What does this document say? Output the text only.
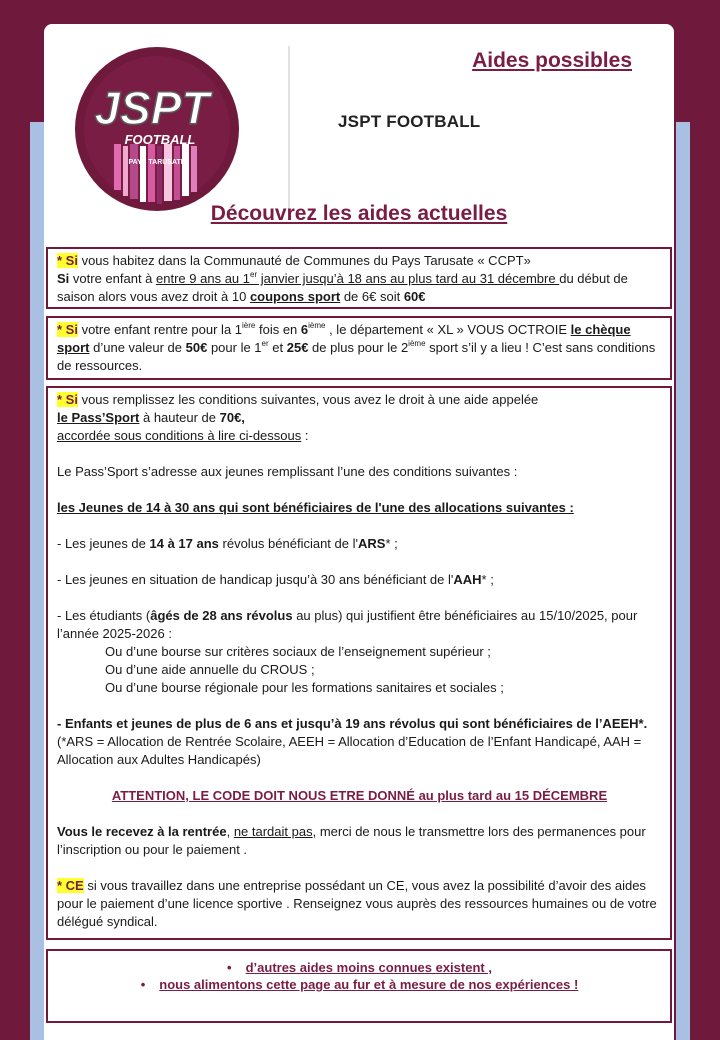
JSPT
FOOTBALL
PAYS TARUSATE
JSPT FOOTBALL
Aides possibles
Découvrez les aides actuelles

* Si vous habitez dans la Communauté de Communes du Pays Tarusate « CCPT»

Si votre enfant à entre 9 ans au 1er janvier jusqu’à 18 ans au plus tard au 31 décembre du début de saison alors vous avez droit à 10 coupons sport de 6€ soit 60€

* Si votre enfant rentre pour la $1^{ière}$ fois en 6ième , le département « XL » VOUS OCTROIE le chèque sport d’une valeur de 50€ pour le 1er et 25€ de plus pour le 2ième sport s’il y a lieu ! C’est sans conditions de ressources.

* Si vous remplissez les conditions suivantes, vous avez le droit à une aide appelée

le Pass’Sport à hauteur de 70€,

accordée sous conditions à lire ci-dessous :

Le Pass’Sport s’adresse aux jeunes remplissant l’une des conditions suivantes :

les Jeunes de 14 à 30 ans qui sont bénéficiaires de l'une des allocations suivantes :

- Les jeunes de 14 à 17 ans révolus bénéficiant de l'ARS* ;

- Les jeunes en situation de handicap jusqu’à 30 ans bénéficiant de l'AAH* ;

- Les étudiants (âgés de 28 ans révolus au plus) qui justifient être bénéficiaires au 15/10/2025, pour l’année 2025-2026 :

Ou d’une bourse sur critères sociaux de l’enseignement supérieur ;

Ou d’une aide annuelle du CROUS ;

Ou d’une bourse régionale pour les formations sanitaires et sociales ;

- Enfants et jeunes de plus de 6 ans et jusqu’à 19 ans révolus qui sont bénéficiaires de l’AEEH*.

(*ARS = Allocation de Rentrée Scolaire, AEEH = Allocation d’Education de l’Enfant Handicapé, AAH = Allocation aux Adultes Handicapés)

ATTENTION, LE CODE DOIT NOUS ETRE DONNÉ au plus tard au 15 DÉCEMBRE

Vous le recevez à la rentrée, ne tardait pas, merci de nous le transmettre lors des permanences pour l’inscription ou pour le paiement .

* CE si vous travaillez dans une entreprise possédant un CE, vous avez la possibilité d’avoir des aides pour le paiement d’une licence sportive . Renseignez vous auprès des ressources humaines ou de votre délégué syndical.

• d’autres aides moins connues existent ,

• nous alimentons cette page au fur et à mesure de nos expériences !
